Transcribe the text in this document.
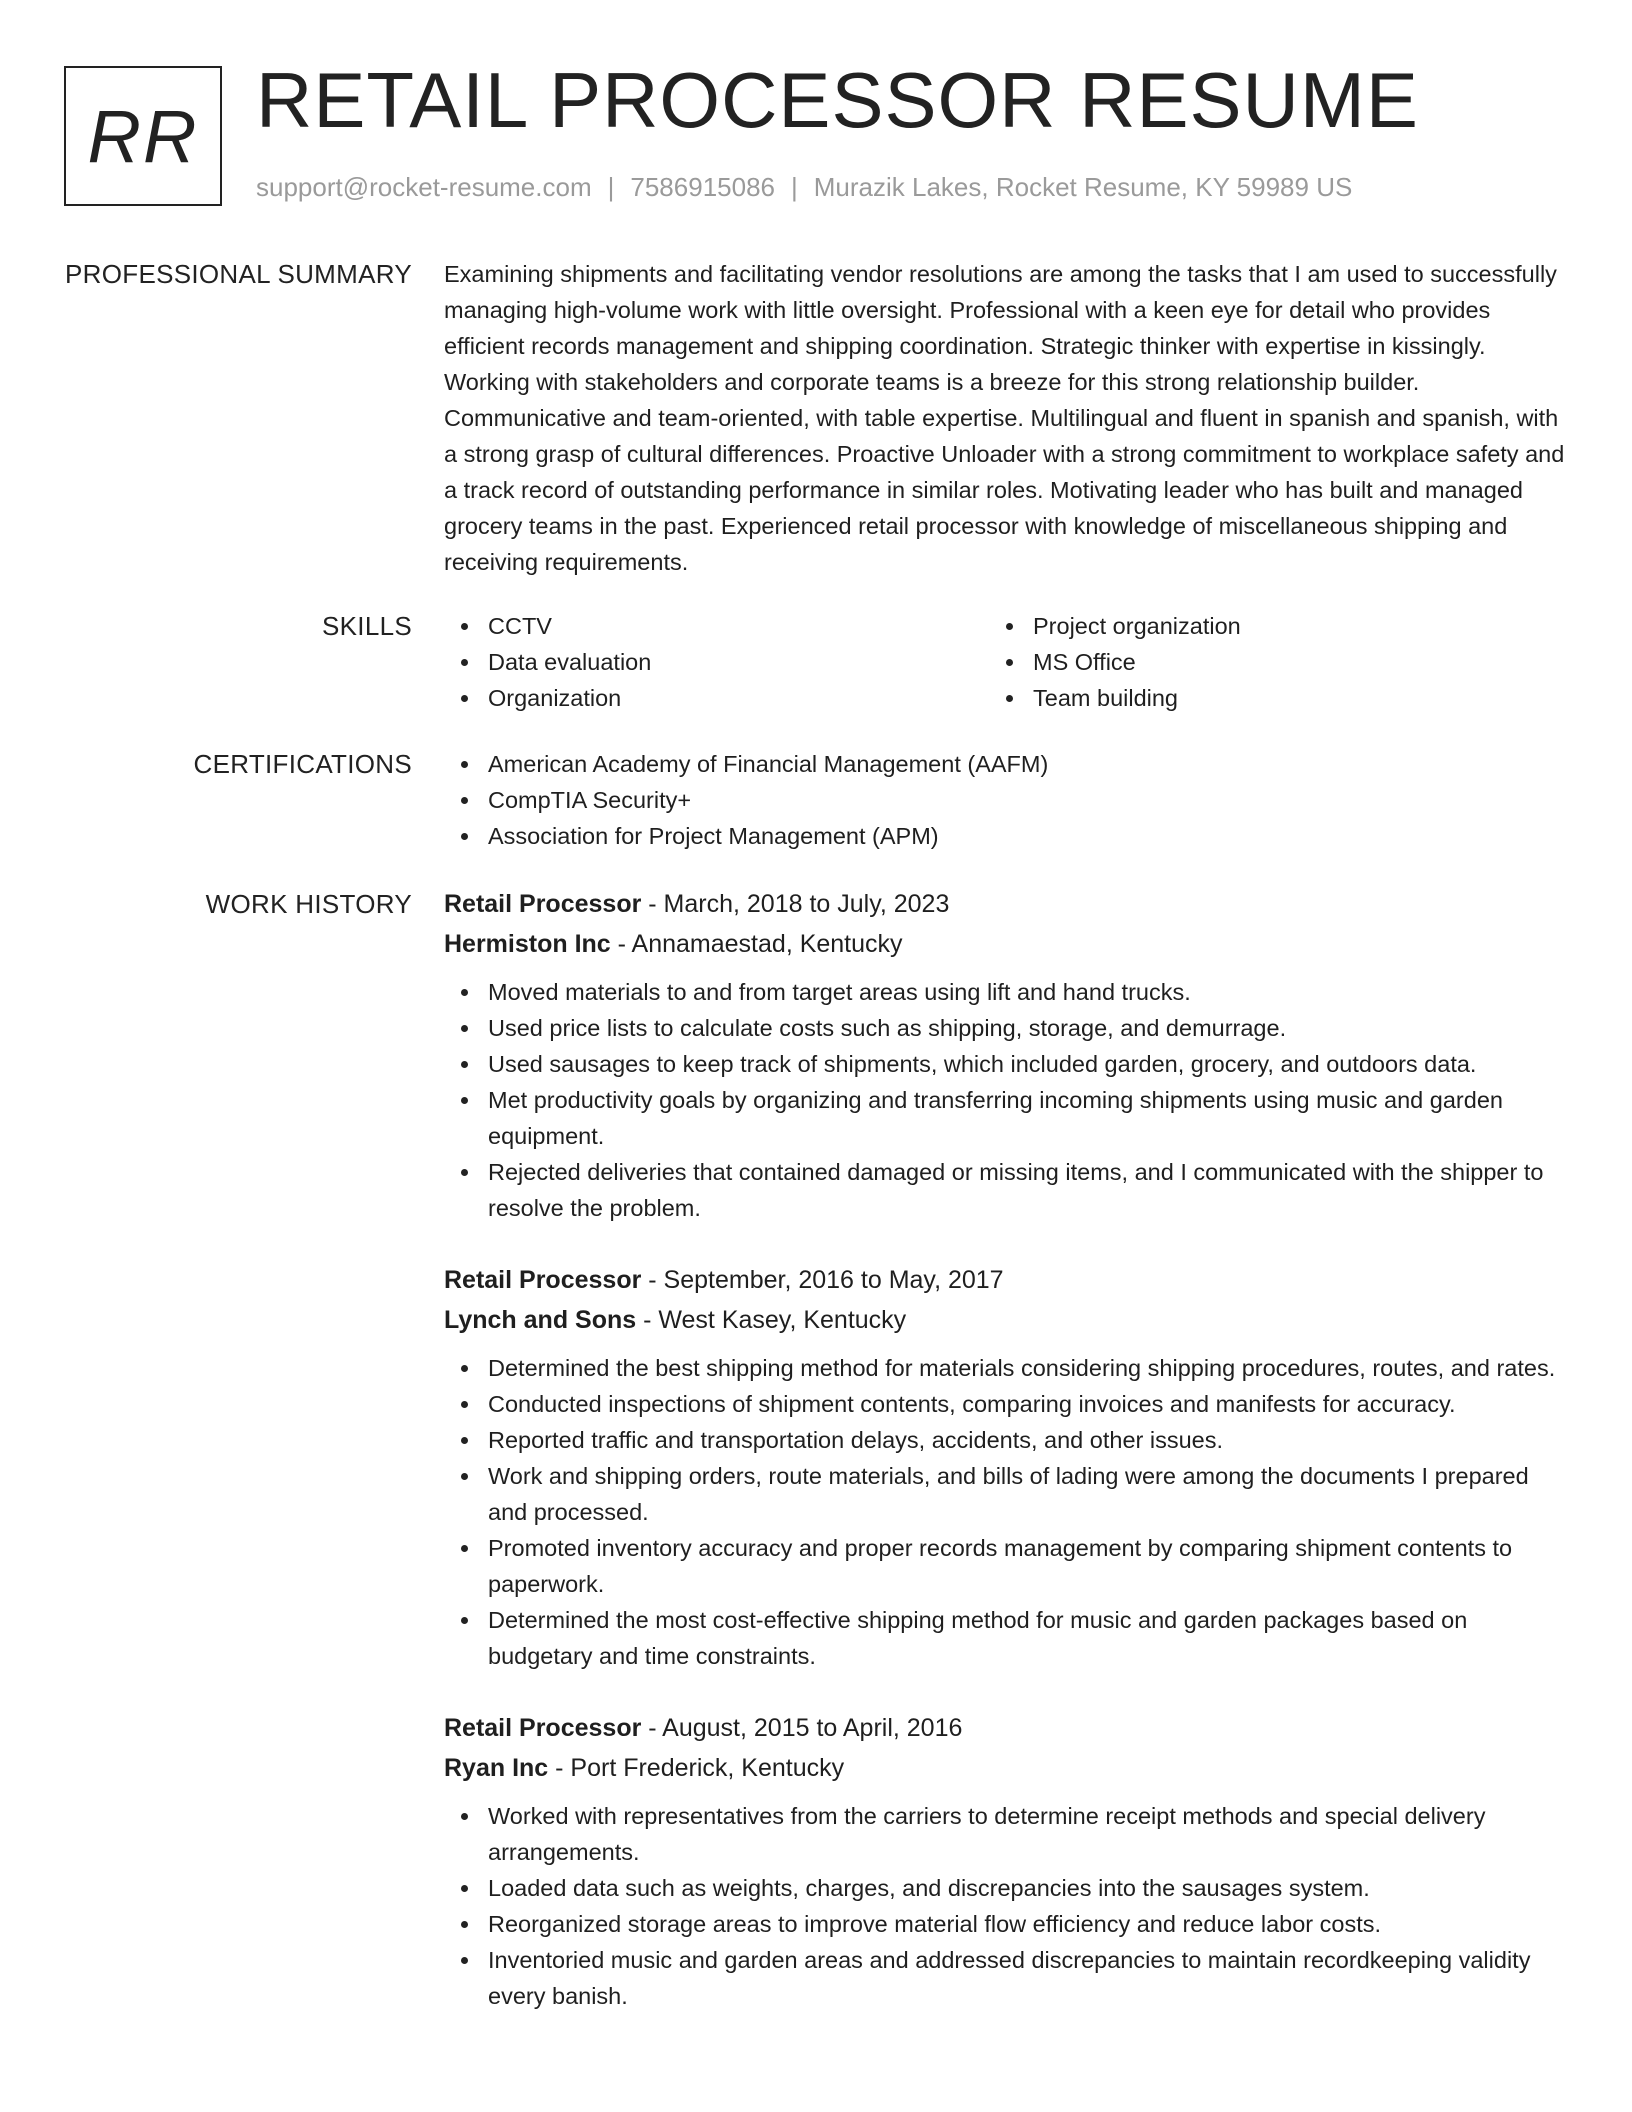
RR RETAIL PROCESSOR RESUME
support@rocket-resume.com | 7586915086 | Murazik Lakes, Rocket Resume, KY 59989 US
PROFESSIONAL SUMMARY Examining shipments and facilitating vendor resolutions are among the tasks that I am used to successfully managing high-volume work with little oversight. Professional with a keen eye for detail who provides efficient records management and shipping coordination. Strategic thinker with expertise in kissingly. Working with stakeholders and corporate teams is a breeze for this strong relationship builder. Communicative and team-oriented, with table expertise. Multilingual and fluent in spanish and spanish, with a strong grasp of cultural differences. Proactive Unloader with a strong commitment to workplace safety and a track record of outstanding performance in similar roles. Motivating leader who has built and managed grocery teams in the past. Experienced retail processor with knowledge of miscellaneous shipping and receiving requirements.

SKILLS	CCTV
Data evaluation
Organization
Project organization
MS Office
Team building
CERTIFICATIONS	American Academy of Financial Management (AAFM)
CompTIA Security+
Association for Project Management (APM)
WORK HISTORY Retail Processor - March, 2018 to July, 2023
Hermiston Inc - Annamaestad, Kentucky
Moved materials to and from target areas using lift and hand trucks.
Used price lists to calculate costs such as shipping, storage, and demurrage.
Used sausages to keep track of shipments, which included garden, grocery, and outdoors data.
Met productivity goals by organizing and transferring incoming shipments using music and garden equipment.
Rejected deliveries that contained damaged or missing items, and I communicated with the shipper to resolve the problem.
Retail Processor - September, 2016 to May, 2017
Lynch and Sons - West Kasey, Kentucky
Determined the best shipping method for materials considering shipping procedures, routes, and rates.
Conducted inspections of shipment contents, comparing invoices and manifests for accuracy.
Reported traffic and transportation delays, accidents, and other issues.
Work and shipping orders, route materials, and bills of lading were among the documents I prepared and processed.
Promoted inventory accuracy and proper records management by comparing shipment contents to paperwork.
Determined the most cost-effective shipping method for music and garden packages based on budgetary and time constraints.
Retail Processor - August, 2015 to April, 2016
Ryan Inc - Port Frederick, Kentucky
Worked with representatives from the carriers to determine receipt methods and special delivery arrangements.
Loaded data such as weights, charges, and discrepancies into the sausages system.
Reorganized storage areas to improve material flow efficiency and reduce labor costs.
Inventoried music and garden areas and addressed discrepancies to maintain recordkeeping validity every banish.
